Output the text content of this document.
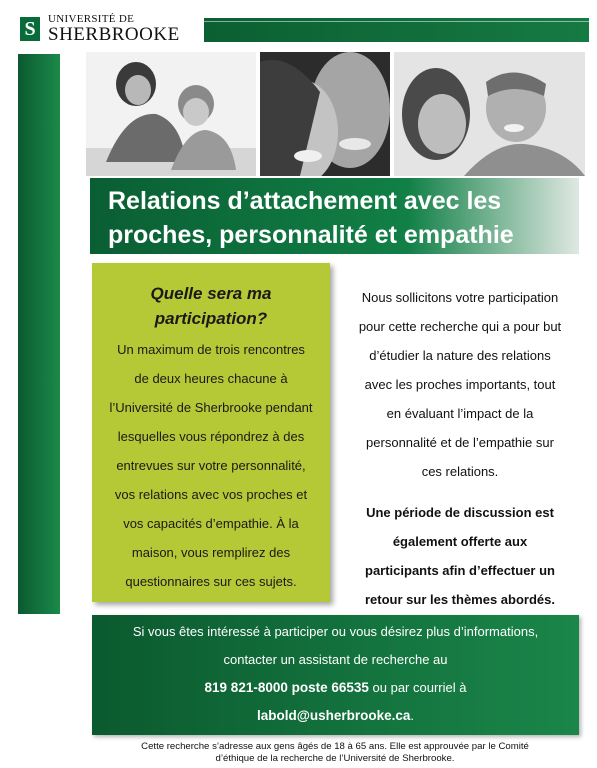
S	UNIVERSITÉ DE
SHERBROOKE
Relations d’attachement avec les
proches, personnalité et empathie
Quelle sera ma
participation?
Un maximum de trois rencontres
de deux heures chacune à
l’Université de Sherbrooke pendant
lesquelles vous répondrez à des
entrevues sur votre personnalité,
vos relations avec vos proches et
vos capacités d’empathie. À la
maison, vous remplirez des
questionnaires sur ces sujets.
Nous sollicitons votre participation
pour cette recherche qui a pour but
d’étudier la nature des relations
avec les proches importants, tout
en évaluant l’impact de la
personnalité et de l’empathie sur
ces relations.
Une période de discussion est
également offerte aux
participants afin d’effectuer un
retour sur les thèmes abordés.
Si vous êtes intéressé à participer ou vous désirez plus d’informations,
contacter un assistant de recherche au
819 821-8000 poste 66535 ou par courriel à
labold@usherbrooke.ca.
Cette recherche s’adresse aux gens âgés de 18 à 65 ans. Elle est approuvée par le Comité
d’éthique de la recherche de l’Université de Sherbrooke.
